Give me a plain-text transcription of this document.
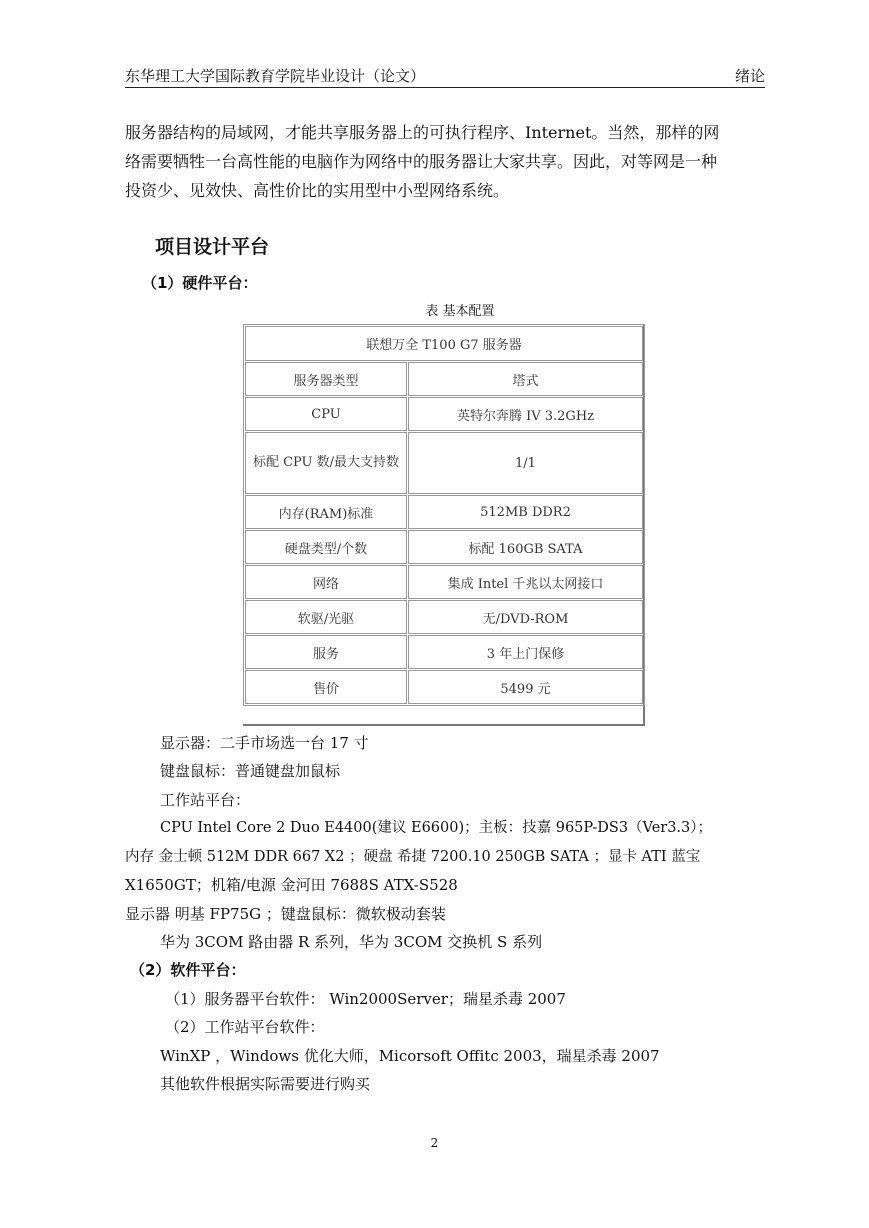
东华理工大学国际教育学院毕业设计（论文）	绪论

服务器结构的局域网，才能共享服务器上的可执行程序、Internet。当然，那样的网

络需要牺牲一台高性能的电脑作为网络中的服务器让大家共享。因此，对等网是一种

投资少、见效快、高性价比的实用型中小型网络系统。

项目设计平台
（1）硬件平台：
表 基本配置
联想万全 T100 G7 服务器	
服务器类型	塔式
CPU	英特尔奔腾 IV 3.2GHz
标配 CPU 数/最大支持数	1/1
内存(RAM)标准	512MB DDR2
硬盘类型/个数	标配 160GB SATA
网络	集成 Intel 千兆以太网接口
软驱/光驱	无/DVD-ROM
服务	3 年上门保修
售价	5499 元
显示器：二手市场选一台 17 寸
键盘鼠标：普通键盘加鼠标
工作站平台：
CPU Intel Core 2 Duo E4400(建议 E6600)；主板：技嘉 965P-DS3（Ver3.3）；
内存 金士顿 512M DDR 667 X2 ；硬盘 希捷 7200.10 250GB SATA ；显卡 ATI 蓝宝
X1650GT；机箱/电源 金河田 7688S ATX-S528
显示器 明基 FP75G ；键盘鼠标：微软极动套装
华为 3COM 路由器 R 系列，华为 3COM 交换机 S 系列
（2）软件平台：
（1）服务器平台软件： Win2000Server；瑞星杀毒 2007
（2）工作站平台软件：
WinXP ，Windows 优化大师，Micorsoft Offitc 2003，瑞星杀毒 2007
其他软件根据实际需要进行购买
2
